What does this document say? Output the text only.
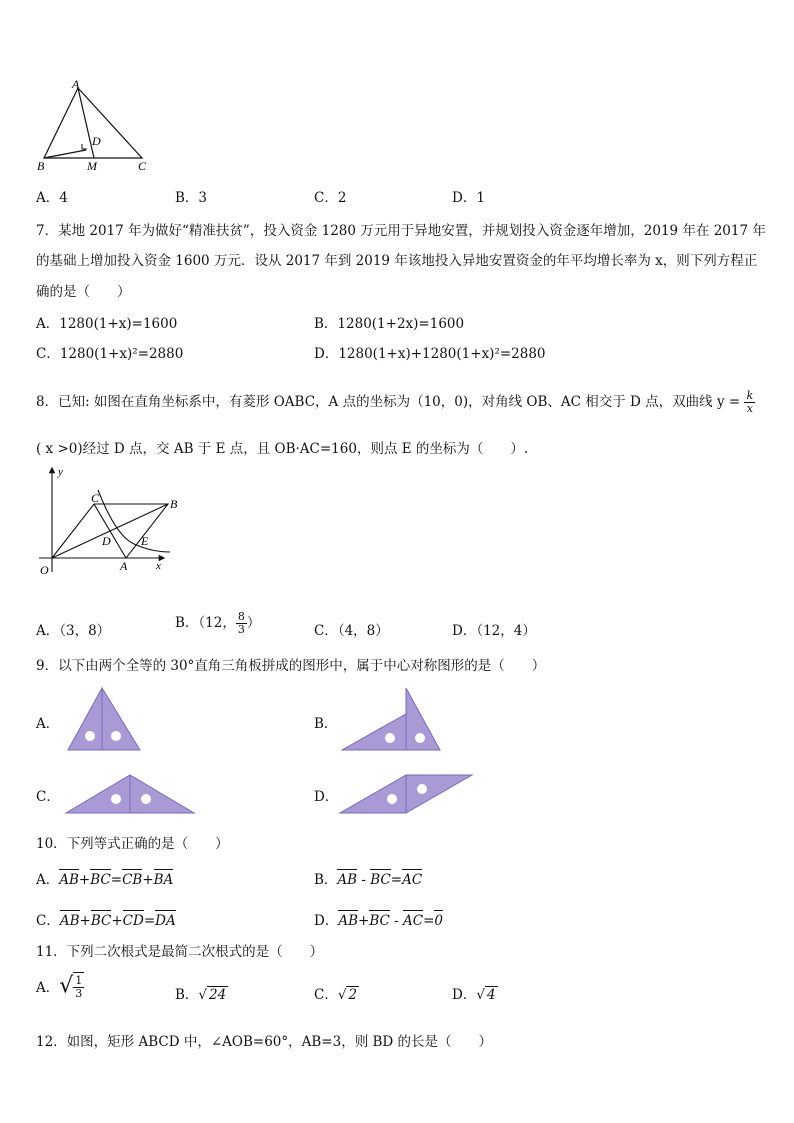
A
D
B	M	C
A．4	B．3	C．2	D．1
7．某地 2017 年为做好“精准扶贫”，投入资金 1280 万元用于异地安置，并规划投入资金逐年增加，2019 年在 2017 年
的基础上增加投入资金 1600 万元．设从 2017 年到 2019 年该地投入异地安置资金的年平均增长率为 x，则下列方程正
确的是（　　）
A．1280(1+x)=1600	B．1280(1+2x)=1600
C．1280(1+x)²=2880	D．1280(1+x)+1280(1+x)²=2880
8．已知: 如图在直角坐标系中，有菱形 OABC，A 点的坐标为（10，0)，对角线 OB、AC 相交于 D 点，双曲线 $y = \frac{k}{x}$
( x >0)经过 D 点，交 AB 于 E 点，且 OB·AC=160，则点 E 的坐标为（　　）.
y
x
O	A
B
C
D	E
A．（3，8）	B．（12， $\frac{8}{3}$ ）	C．（4，8）	D．（12，4）
9．以下由两个全等的 30°直角三角板拼成的图形中，属于中心对称图形的是（　　）
A．	B．
C．	D．
10．下列等式正确的是（　　）
A．AB+BC=CB+BA	B．AB - BC=AC
C．AB+BC+CD=DA	D．AB+BC - AC=0
11．下列二次根式是最简二次根式的是（　　）
A．√ $\frac{1}{3}$	B．√ 24	C．√ 2	D．√ 4
12．如图，矩形 ABCD 中，∠AOB=60°，AB=3，则 BD 的长是（　　）
